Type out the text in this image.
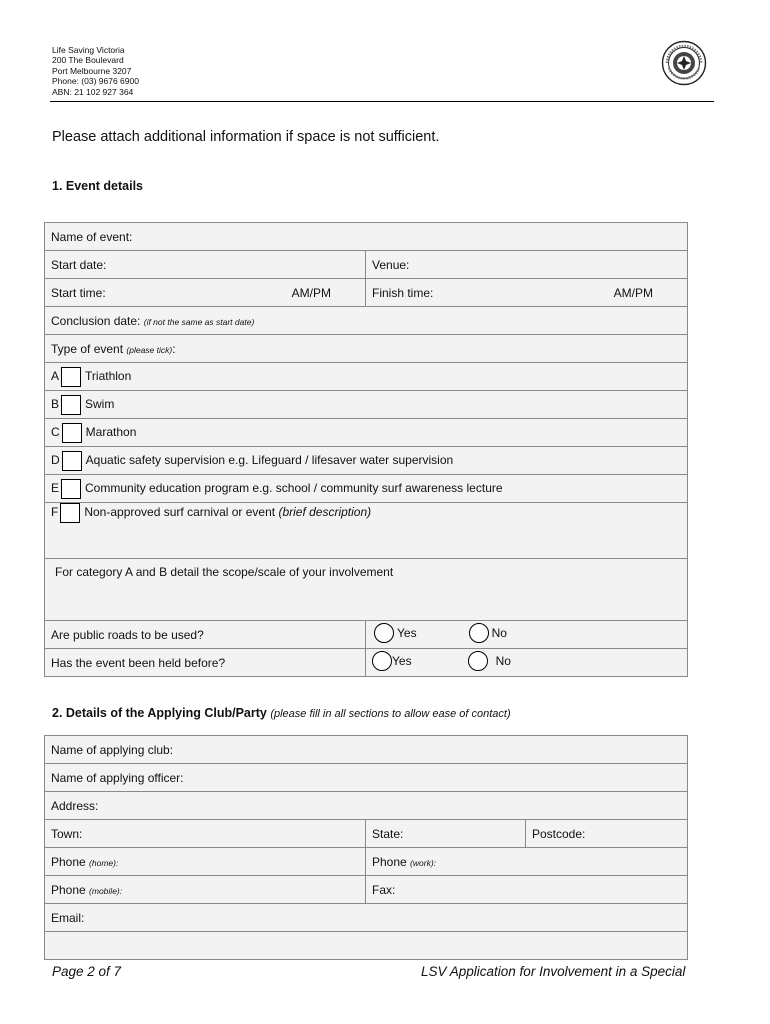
Life Saving Victoria
200 The Boulevard
Port Melbourne 3207
Phone: (03) 9676 6900
ABN: 21 102 927 364
Please attach additional information if space is not sufficient.
1. Event details
Name of event:	
Start date:	Venue:
Start time: AM/PM	Finish time: AM/PM

Conclusion date: (if not the same as start date)	
Type of event (please tick):	
A Triathlon	
B Swim	
C Marathon	
D Aquatic safety supervision e.g. Lifeguard / lifesaver water supervision	
E Community education program e.g. school / community surf awareness lecture	
F Non-approved surf carnival or event (brief description)	
For category A and B detail the scope/scale of your involvement	
Are public roads to be used?	Yes No

Has the event been held before?	Yes No
2. Details of the Applying Club/Party (please fill in all sections to allow ease of contact)
Name of applying club:		
Name of applying officer:		
Address:		
Town:	State:	Postcode:
Phone (home):	Phone (work):	
Phone (mobile):	Fax:	
Email:		

Page 2 of 7	LSV Application for Involvement in a Special
